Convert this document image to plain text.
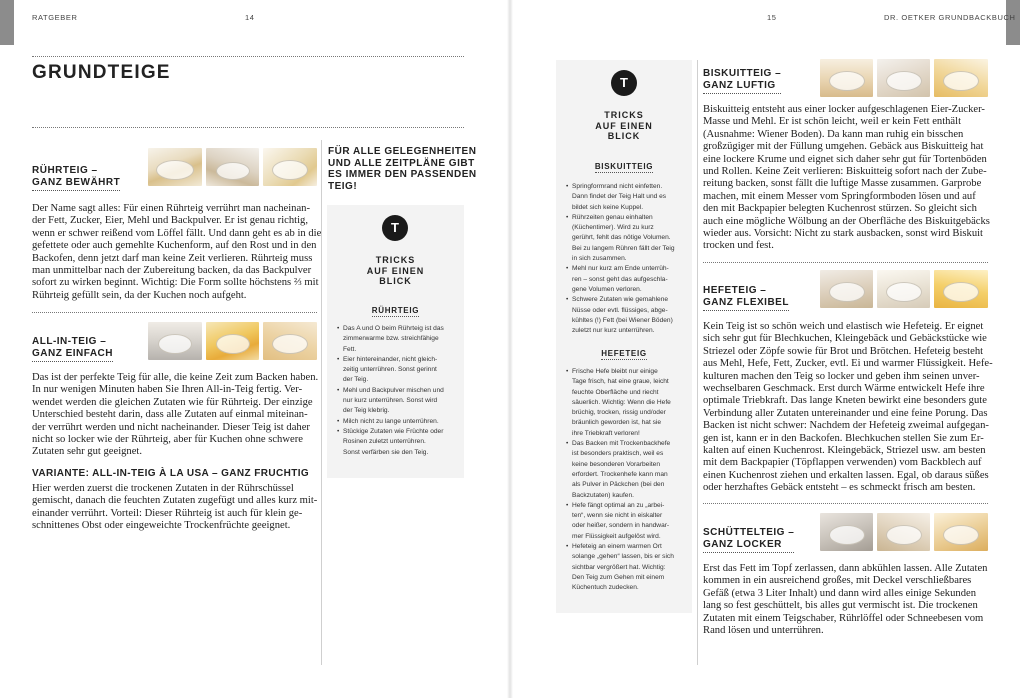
RATGEBER	14	15	DR. OETKER GRUNDBACKBUCH
GRUNDTEIGE
RÜHRTEIG –
GANZ BEWÄHRT
Der Name sagt alles: Für einen Rührteig verrührt man nacheinan-
der Fett, Zucker, Eier, Mehl und Backpulver. Er ist genau richtig,
wenn er schwer reißend vom Löffel fällt. Und dann geht es ab in die
gefettete oder auch gemehlte Kuchenform, auf den Rost und in den
Backofen, denn jetzt darf man keine Zeit verlieren. Rührteig muss
man unmittelbar nach der Zubereitung backen, da das Backpulver
sofort zu wirken beginnt. Wichtig: Die Form sollte höchstens ⅔ mit
Rührteig gefüllt sein, da der Kuchen noch aufgeht.
ALL-IN-TEIG –
GANZ EINFACH
Das ist der perfekte Teig für alle, die keine Zeit zum Backen haben.
In nur wenigen Minuten haben Sie Ihren All-in-Teig fertig. Ver-
wendet werden die gleichen Zutaten wie für Rührteig. Der einzige
Unterschied besteht darin, dass alle Zutaten auf einmal miteinan-
der verrührt werden und nicht nacheinander. Dieser Teig ist daher
nicht so locker wie der Rührteig, aber für Kuchen ohne schwere
Zutaten sehr gut geeignet.
VARIANTE: ALL-IN-TEIG À LA USA – GANZ FRUCHTIG
Hier werden zuerst die trockenen Zutaten in der Rührschüssel
gemischt, danach die feuchten Zutaten zugefügt und alles kurz mit-
einander verrührt. Vorteil: Dieser Rührteig ist auch für klein ge-
schnittenes Obst oder eingeweichte Trockenfrüchte geeignet.
FÜR ALLE GELEGENHEITEN
UND ALLE ZEITPLÄNE GIBT
ES IMMER DEN PASSENDEN
TEIG!
T
TRICKS
AUF EINEN
BLICK
RÜHRTEIG
• Das A und O beim Rührteig ist das
zimmerwarme bzw. streichfähige
Fett.
• Eier hintereinander, nicht gleich-
zeitig unterrühren. Sonst gerinnt
der Teig.
• Mehl und Backpulver mischen und
nur kurz unterrühren. Sonst wird
der Teig klebrig.
• Milch nicht zu lange unterrühren.
• Stückige Zutaten wie Früchte oder
Rosinen zuletzt unterrühren.
Sonst verfärben sie den Teig.
T
TRICKS
AUF EINEN
BLICK
BISKUITTEIG
• Springformrand nicht einfetten.
Dann findet der Teig Halt und es
bildet sich keine Kuppel.
• Rührzeiten genau einhalten
(Küchentimer). Wird zu kurz
gerührt, fehlt das nötige Volumen.
Bei zu langem Rühren fällt der Teig
in sich zusammen.
• Mehl nur kurz am Ende unterrüh-
ren – sonst geht das aufgeschla-
gene Volumen verloren.
• Schwere Zutaten wie gemahlene
Nüsse oder evtl. flüssiges, abge-
kühltes (!) Fett (bei Wiener Böden)
zuletzt nur kurz unterrühren.
HEFETEIG
• Frische Hefe bleibt nur einige
Tage frisch, hat eine graue, leicht
feuchte Oberfläche und riecht
säuerlich. Wichtig: Wenn die Hefe
brüchig, trocken, rissig und/oder
bräunlich geworden ist, hat sie
ihre Triebkraft verloren!
• Das Backen mit Trockenbackhefe
ist besonders praktisch, weil es
keine besonderen Vorarbeiten
erfordert. Trockenhefe kann man
als Pulver in Päckchen (bei den
Backzutaten) kaufen.
• Hefe fängt optimal an zu „arbei-
ten“, wenn sie nicht in eiskalter
oder heißer, sondern in handwar-
mer Flüssigkeit aufgelöst wird.
• Hefeteig an einem warmen Ort
solange „gehen“ lassen, bis er sich
sichtbar vergrößert hat. Wichtig:
Den Teig zum Gehen mit einem
Küchentuch zudecken.
BISKUITTEIG –
GANZ LUFTIG
Biskuitteig entsteht aus einer locker aufgeschlagenen Eier-Zucker-
Masse und Mehl. Er ist schön leicht, weil er kein Fett enthält
(Ausnahme: Wiener Boden). Da kann man ruhig ein bisschen
großzügiger mit der Füllung umgehen. Gebäck aus Biskuitteig hat
eine lockere Krume und eignet sich daher sehr gut für Tortenböden
und Rollen. Keine Zeit verlieren: Biskuitteig sofort nach der Zube-
reitung backen, sonst fällt die luftige Masse zusammen. Garprobe
machen, mit einem Messer vom Springformboden lösen und auf
den mit Backpapier belegten Kuchenrost stürzen. So gleicht sich
auch eine mögliche Wölbung an der Oberfläche des Biskuitgebäcks
wieder aus. Vorsicht: Nicht zu stark ausbacken, sonst wird Biskuit
trocken und fest.
HEFETEIG –
GANZ FLEXIBEL
Kein Teig ist so schön weich und elastisch wie Hefeteig. Er eignet
sich sehr gut für Blechkuchen, Kleingebäck und Gebäckstücke wie
Striezel oder Zöpfe sowie für Brot und Brötchen. Hefeteig besteht
aus Mehl, Hefe, Fett, Zucker, evtl. Ei und warmer Flüssigkeit. Hefe-
kulturen machen den Teig so locker und geben ihm seinen unver-
wechselbaren Geschmack. Erst durch Wärme entwickelt Hefe ihre
optimale Triebkraft. Das lange Kneten bewirkt eine besonders gute
Verbindung aller Zutaten untereinander und eine feine Porung. Das
Backen ist nicht schwer: Nachdem der Hefeteig zweimal aufgegan-
gen ist, kann er in den Backofen. Blechkuchen stellen Sie zum Er-
kalten auf einen Kuchenrost. Kleingebäck, Striezel usw. am besten
mit dem Backpapier (Töpflappen verwenden) vom Backblech auf
einen Kuchenrost ziehen und erkalten lassen. Egal, ob daraus süßes
oder herzhaftes Gebäck entsteht – es schmeckt frisch am besten.
SCHÜTTELTEIG –
GANZ LOCKER
Erst das Fett im Topf zerlassen, dann abkühlen lassen. Alle Zutaten
kommen in ein ausreichend großes, mit Deckel verschließbares
Gefäß (etwa 3 Liter Inhalt) und dann wird alles einige Sekunden
lang so fest geschüttelt, bis alles gut vermischt ist. Die trockenen
Zutaten mit einem Teigschaber, Rührlöffel oder Schneebesen vom
Rand lösen und unterrühren.
